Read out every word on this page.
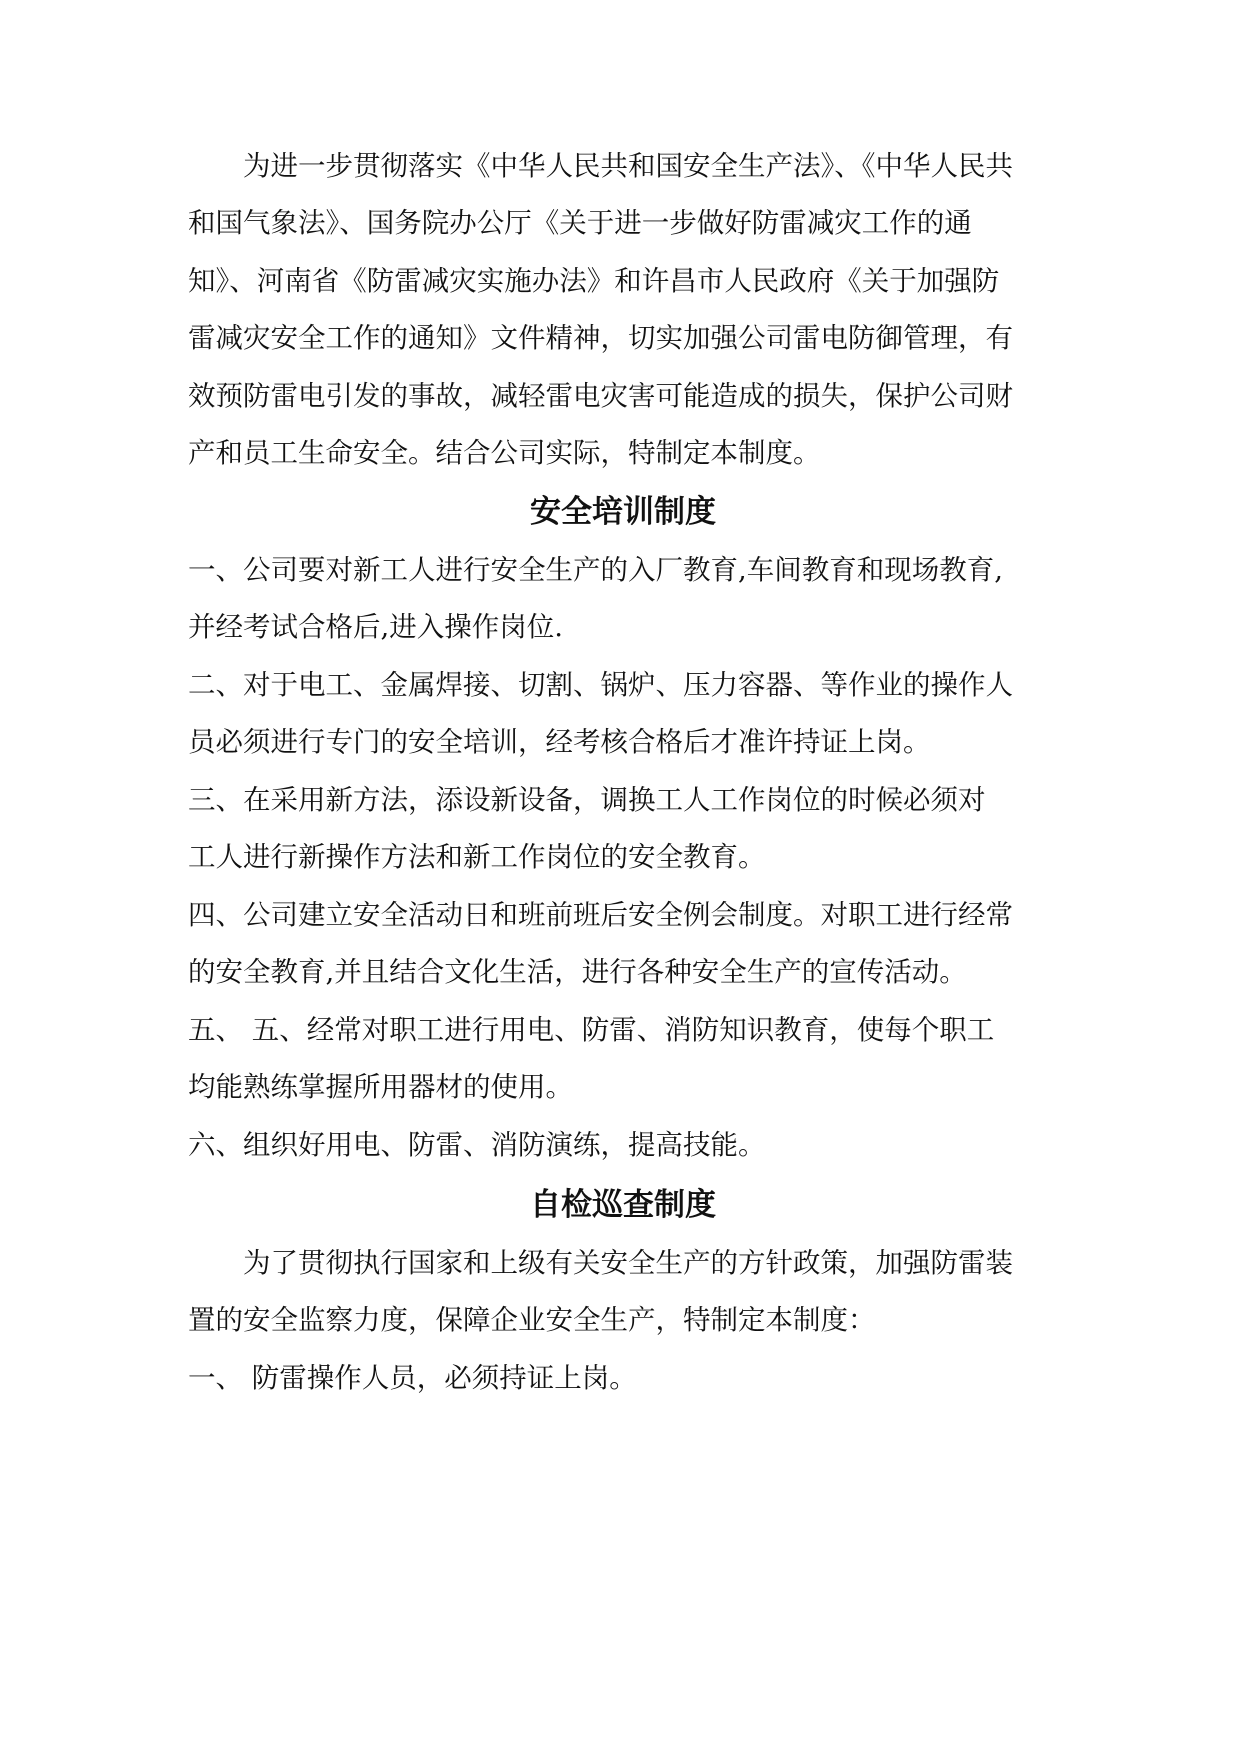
　　为进一步贯彻落实《中华人民共和国安全生产法》、《中华人民共
和国气象法》、国务院办公厅《关于进一步做好防雷减灾工作的通
知》、河南省《防雷减灾实施办法》和许昌市人民政府《关于加强防
雷减灾安全工作的通知》文件精神，切实加强公司雷电防御管理，有
效预防雷电引发的事故，减轻雷电灾害可能造成的损失，保护公司财
产和员工生命安全。结合公司实际，特制定本制度。
安全培训制度
一、公司要对新工人进行安全生产的入厂教育,车间教育和现场教育,
并经考试合格后,进入操作岗位.
二、对于电工、金属焊接、切割、锅炉、压力容器、等作业的操作人
员必须进行专门的安全培训，经考核合格后才准许持证上岗。
三、在采用新方法，添设新设备，调换工人工作岗位的时候必须对
工人进行新操作方法和新工作岗位的安全教育。
四、公司建立安全活动日和班前班后安全例会制度。对职工进行经常
的安全教育,并且结合文化生活，进行各种安全生产的宣传活动。
五、 五、经常对职工进行用电、防雷、消防知识教育，使每个职工
均能熟练掌握所用器材的使用。
六、组织好用电、防雷、消防演练，提高技能。
自检巡查制度
　　为了贯彻执行国家和上级有关安全生产的方针政策，加强防雷装
置的安全监察力度，保障企业安全生产，特制定本制度：
一、 防雷操作人员，必须持证上岗。
